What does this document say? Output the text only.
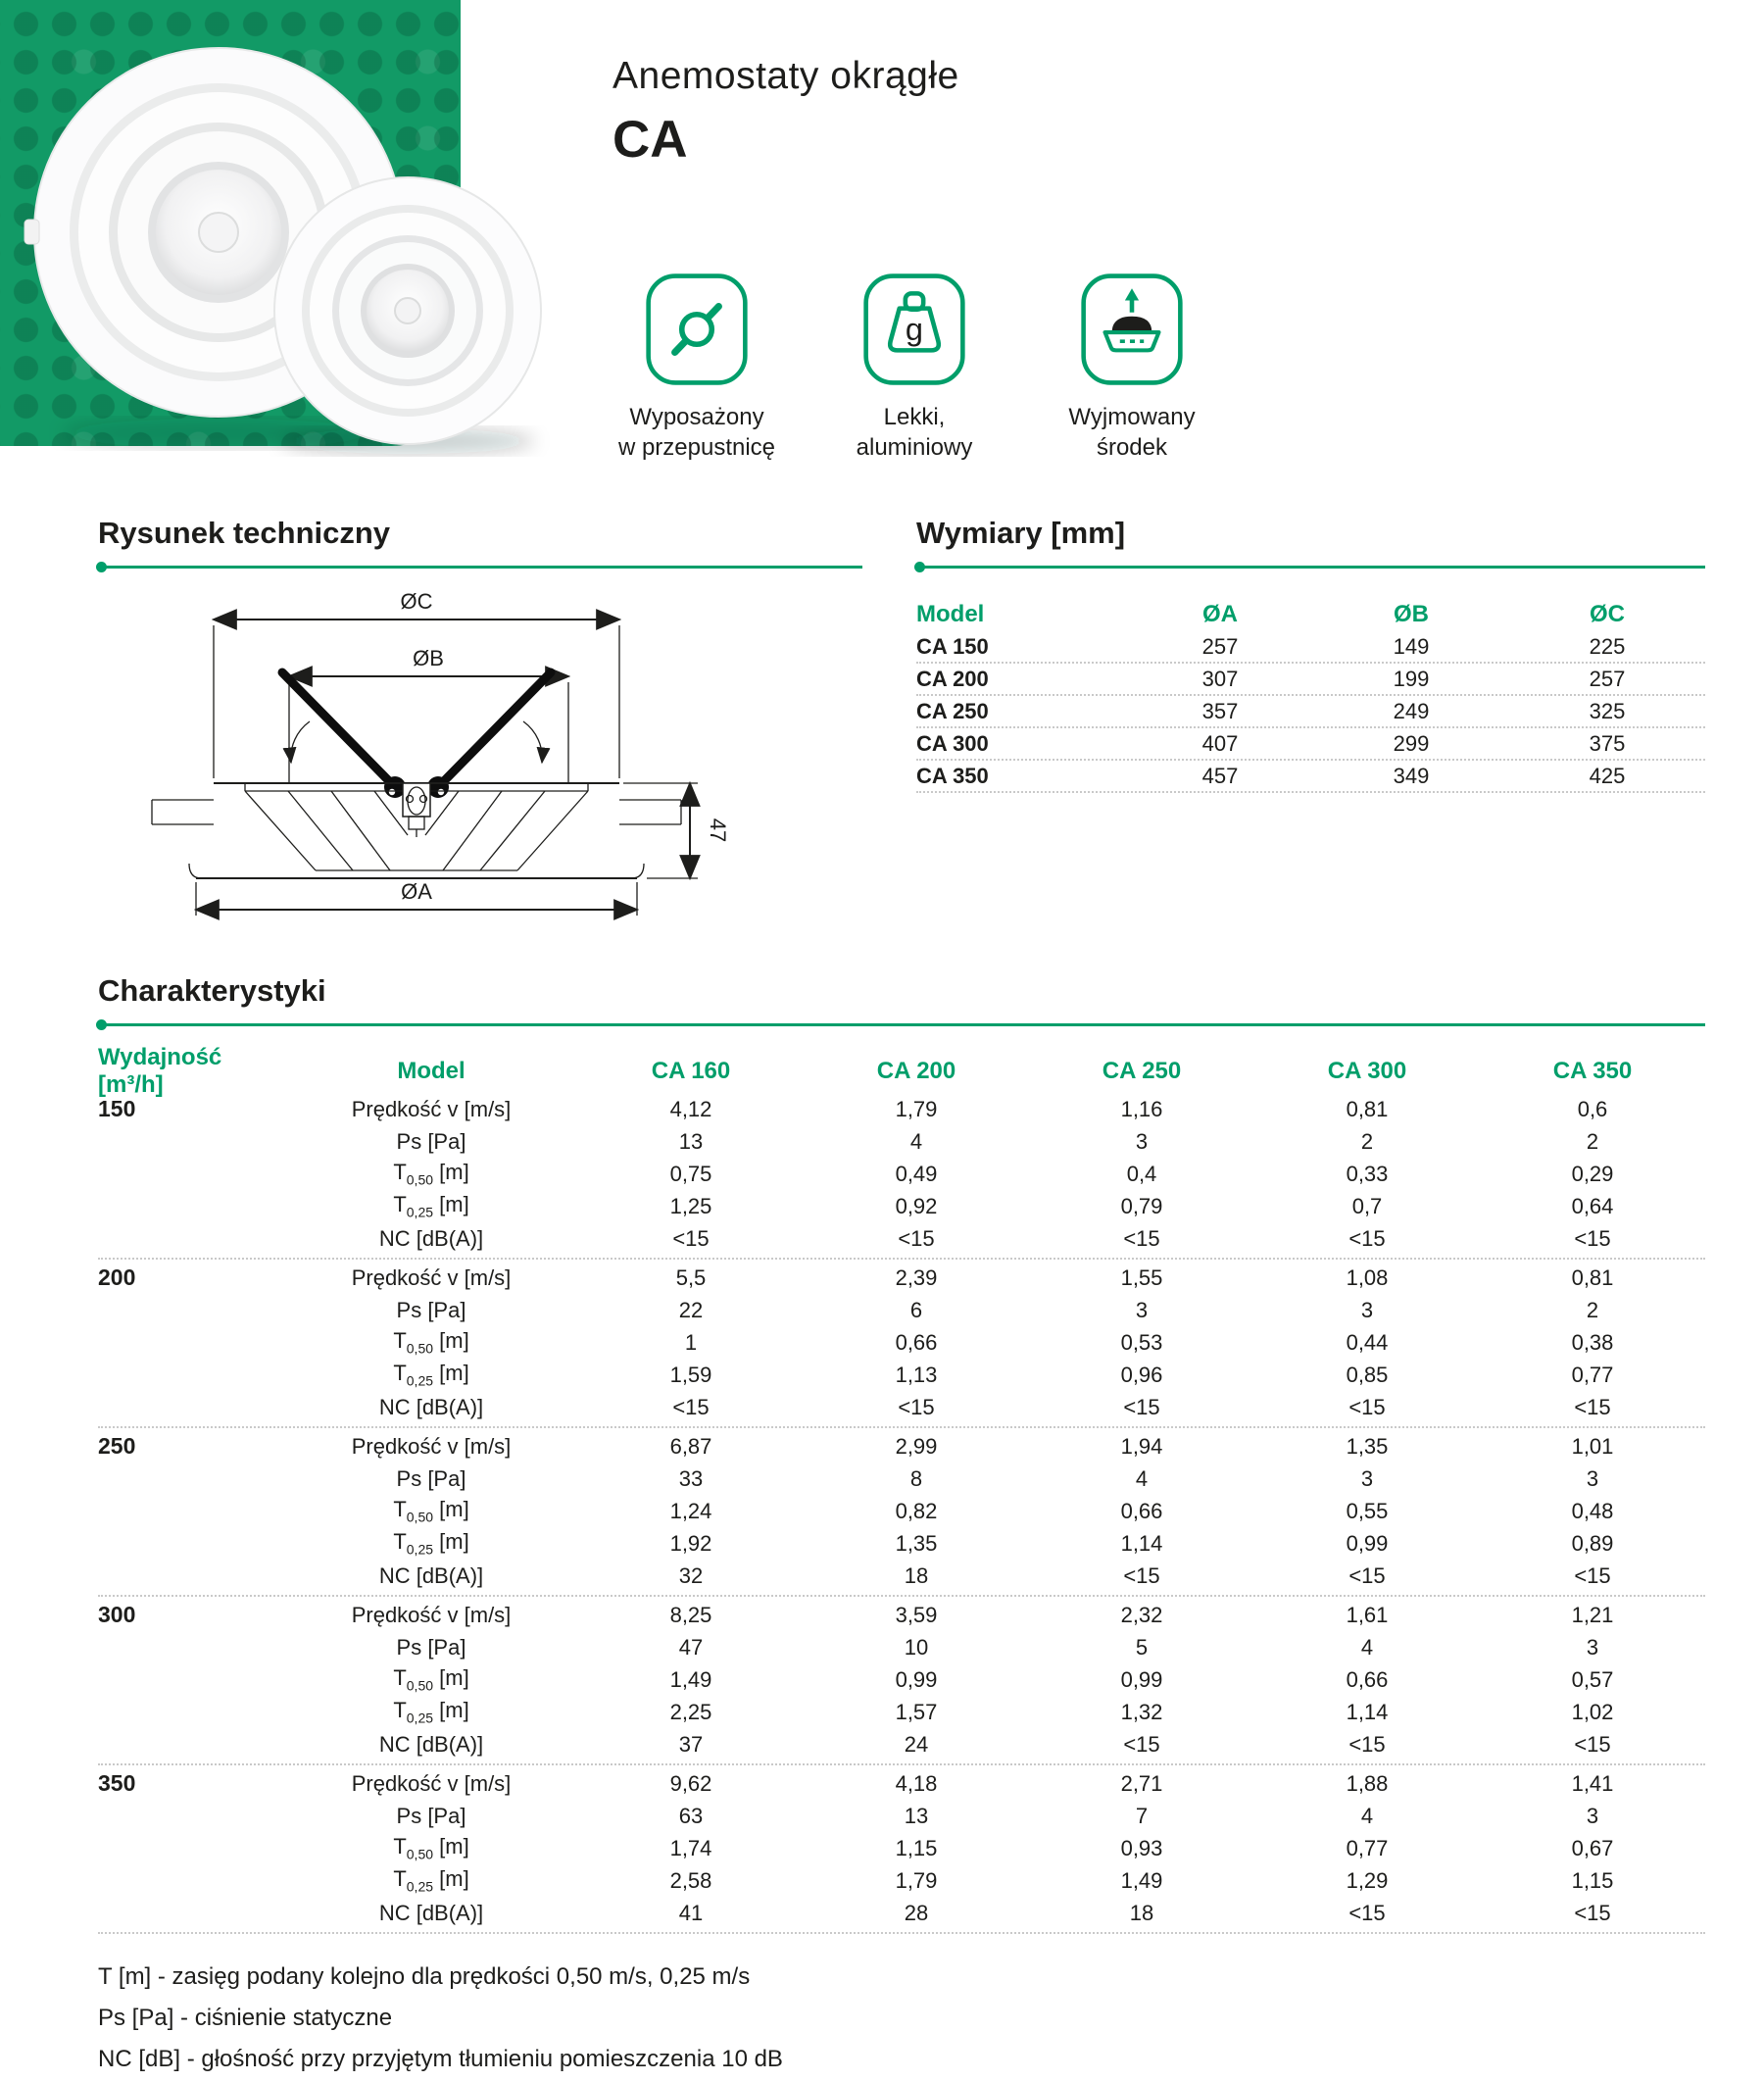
Anemostaty okrągłe
CA
Wyposażony
w przepustnicę
g
Lekki,
aluminiowy
Wyjmowany
środek
Rysunek techniczny
ØC
ØB
ØA
47
Wymiary [mm]
Model	ØA	ØB	ØC
CA 150	257	149	225
CA 200	307	199	257
CA 250	357	249	325
CA 300	407	299	375
CA 350	457	349	425
Charakterystyki
Wydajność [m³/h]
Model	CA 160	CA 200	CA 250	CA 300	CA 350
150	Prędkość v [m/s]	4,12	1,79	1,16	0,81	0,6
Ps [Pa]	13	4	3	2	2
$T_{0,50}$ [m]	0,75	0,49	0,4	0,33	0,29
$T_{0,25}$ [m]	1,25	0,92	0,79	0,7	0,64
NC [dB(A)]	<15	<15	<15	<15	<15
200	Prędkość v [m/s]	5,5	2,39	1,55	1,08	0,81
Ps [Pa]	22	6	3	3	2
$T_{0,50}$ [m]	1	0,66	0,53	0,44	0,38
$T_{0,25}$ [m]	1,59	1,13	0,96	0,85	0,77
NC [dB(A)]	<15	<15	<15	<15	<15
250	Prędkość v [m/s]	6,87	2,99	1,94	1,35	1,01
Ps [Pa]	33	8	4	3	3
$T_{0,50}$ [m]	1,24	0,82	0,66	0,55	0,48
$T_{0,25}$ [m]	1,92	1,35	1,14	0,99	0,89
NC [dB(A)]	32	18	<15	<15	<15
300	Prędkość v [m/s]	8,25	3,59	2,32	1,61	1,21
Ps [Pa]	47	10	5	4	3
$T_{0,50}$ [m]	1,49	0,99	0,99	0,66	0,57
$T_{0,25}$ [m]	2,25	1,57	1,32	1,14	1,02
NC [dB(A)]	37	24	<15	<15	<15
350	Prędkość v [m/s]	9,62	4,18	2,71	1,88	1,41
Ps [Pa]	63	13	7	4	3
$T_{0,50}$ [m]	1,74	1,15	0,93	0,77	0,67
$T_{0,25}$ [m]	2,58	1,79	1,49	1,29	1,15
NC [dB(A)]	41	28	18	<15	<15

T [m] - zasięg podany kolejno dla prędkości 0,50 m/s, 0,25 m/s

Ps [Pa] - ciśnienie statyczne

NC [dB] - głośność przy przyjętym tłumieniu pomieszczenia 10 dB
